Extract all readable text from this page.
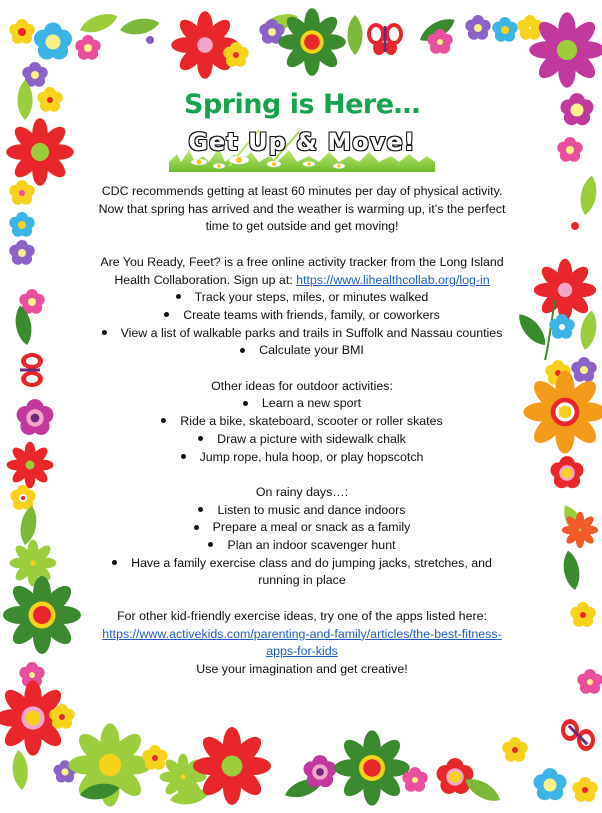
Spring is Here…
Get Up & Move!

CDC recommends getting at least 60 minutes per day of physical activity.

Now that spring has arrived and the weather is warming up, it’s the perfect

time to get outside and get moving!

Are You Ready, Feet? is a free online activity tracker from the Long Island

Health Collaboration. Sign up at: https://www.lihealthcollab.org/log-in

Track your steps, miles, or minutes walked
Create teams with friends, family, or coworkers
View a list of walkable parks and trails in Suffolk and Nassau counties
Calculate your BMI

Other ideas for outdoor activities:

Learn a new sport
Ride a bike, skateboard, scooter or roller skates
Draw a picture with sidewalk chalk
Jump rope, hula hoop, or play hopscotch

On rainy days…:

Listen to music and dance indoors
Prepare a meal or snack as a family
Plan an indoor scavenger hunt
Have a family exercise class and do jumping jacks, stretches, and
running in place

For other kid-friendly exercise ideas, try one of the apps listed here:

https://www.activekids.com/parenting-and-family/articles/the-best-fitness-
apps-for-kids

Use your imagination and get creative!
